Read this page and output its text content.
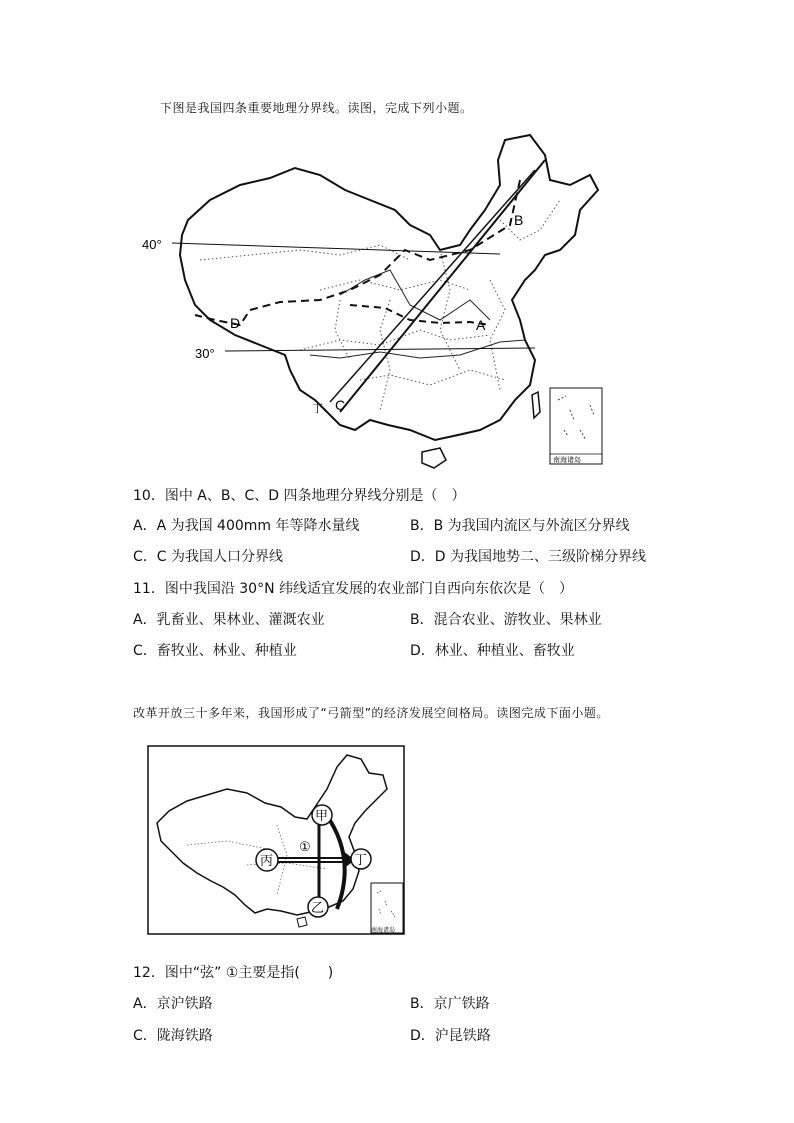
下图是我国四条重要地理分界线。读图，完成下列小题。
40°
30°
A
B
C
D
丁
南海诸岛
10．图中 A、B、C、D 四条地理分界线分别是（　）
A．A 为我国 400mm 年等降水量线	B．B 为我国内流区与外流区分界线
C．C 为我国人口分界线	D．D 为我国地势二、三级阶梯分界线
11．图中我国沿 30°N 纬线适宜发展的农业部门自西向东依次是（　）
A．乳畜业、果林业、灌溉农业	B．混合农业、游牧业、果林业
C．畜牧业、林业、种植业	D．林业、种植业、畜牧业
改革开放三十多年来，我国形成了“弓箭型”的经济发展空间格局。读图完成下面小题。
甲
乙
丙	丁
①
南海诸岛
12．图中“弦” ①主要是指(　　)
A．京沪铁路	B．京广铁路
C．陇海铁路	D．沪昆铁路
